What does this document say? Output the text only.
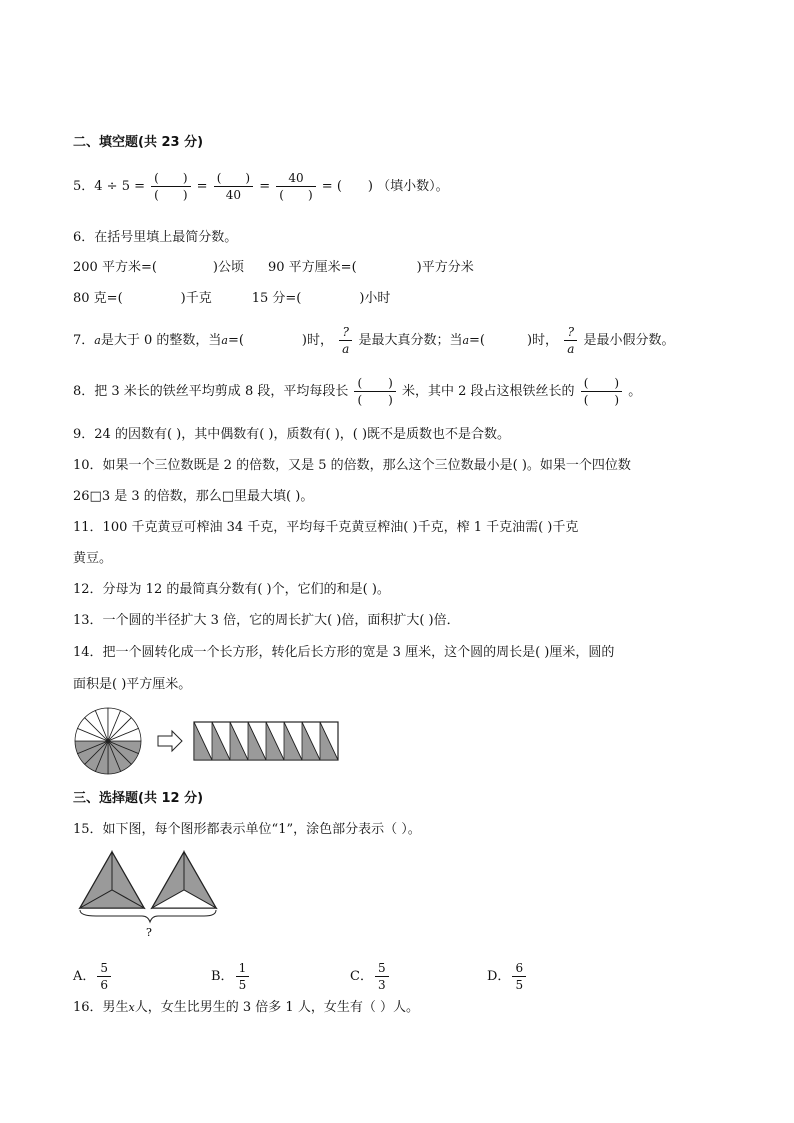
二、填空题(共 23 分)
5．$4 \div 5 = \frac{( )}{( )} = \frac{( )}{40} = \frac{40}{( )}$ = ( ) （填小数）。
6．在括号里填上最简分数。
200 平方米=(	)公顷 90 平方厘米=(	)平方分米
80 克=(	)千克	15 分=(	)小时
7．a是大于 0 的整数，当a=(	)时， $\frac{?}{a}$ 是最大真分数；当a=(	)时， $\frac{?}{a}$ 是最小假分数。
8．把 3 米长的铁丝平均剪成 8 段，平均每段长 $\frac{( )}{( )}$ 米，其中 2 段占这根铁丝长的 $\frac{( )}{( )}$ 。
9．24 的因数有( )，其中偶数有( )，质数有( )，( )既不是质数也不是合数。
10．如果一个三位数既是 2 的倍数，又是 5 的倍数，那么这个三位数最小是( )。如果一个四位数
26□3 是 3 的倍数，那么□里最大填( )。
11．100 千克黄豆可榨油 34 千克，平均每千克黄豆榨油( )千克，榨 1 千克油需( )千克
黄豆。
12．分母为 12 的最简真分数有( )个，它们的和是( )。
13．一个圆的半径扩大 3 倍，它的周长扩大( )倍，面积扩大( )倍．
14．把一个圆转化成一个长方形，转化后长方形的宽是 3 厘米，这个圆的周长是( )厘米，圆的
面积是( )平方厘米。
三、选择题(共 12 分)
15．如下图，每个图形都表示单位“1”，涂色部分表示（ ）。
?
A． $\frac{5}{6}$	B． $\frac{1}{5}$	C． $\frac{5}{3}$	D． $\frac{6}{5}$
16．男生x人，女生比男生的 3 倍多 1 人，女生有（ ）人。
